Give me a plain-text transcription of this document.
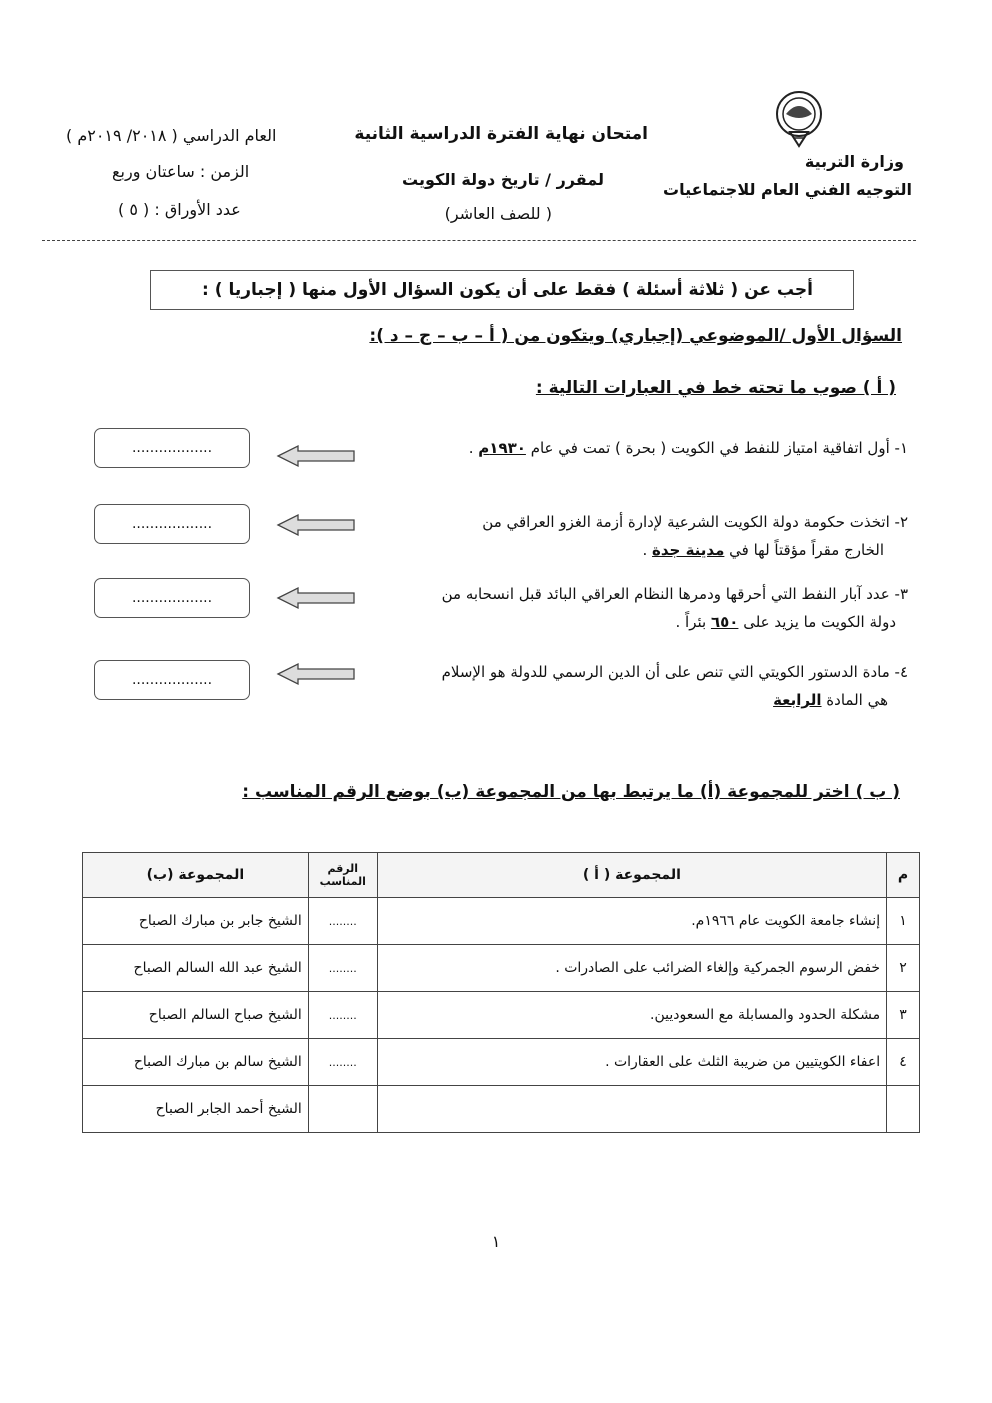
وزارة التربية
التوجيه الفني العام للاجتماعيات
امتحان نهاية الفترة الدراسية الثانية
لمقرر / تاريخ دولة الكويت
( للصف العاشر)
العام الدراسي ( ٢٠١٨/ ٢٠١٩م )
الزمن : ساعتان وربع
عدد الأوراق : ( ٥ )
أجب عن ( ثلاثة أسئلة ) فقط على أن يكون السؤال الأول منها ( إجباريا ) :
السؤال الأول /الموضوعي (إجباري) ويتكون من ( أ – ب – ج – د ):
( أ ) صوب ما تحته خط في العبارات التالية :
١- أول اتفاقية امتياز للنفط في الكويت ( بحرة ) تمت في عام ١٩٣٠م .
..................
٢- اتخذت حكومة دولة الكويت الشرعية لإدارة أزمة الغزو العراقي من
الخارج مقراً مؤقتاً لها في مدينة جدة .
..................
٣- عدد آبار النفط التي أحرقها ودمرها النظام العراقي البائد قبل انسحابه من
دولة الكويت ما يزيد على ٦٥٠ بئراً .
..................
٤- مادة الدستور الكويتي التي تنص على أن الدين الرسمي للدولة هو الإسلام
هي المادة الرابعة
..................
( ب ) اختر للمجموعة (أ) ما يرتبط بها من المجموعة (ب) بوضع الرقم المناسب :
م	المجموعة ( أ )	الرقم المناسب	المجموعة (ب)
١	إنشاء جامعة الكويت عام ١٩٦٦م.	........	الشيخ جابر بن مبارك الصباح
٢	خفض الرسوم الجمركية وإلغاء الضرائب على الصادرات .	........	الشيخ عبد الله السالم الصباح
٣	مشكلة الحدود والمسابلة مع السعوديين.	........	الشيخ صباح السالم الصباح
٤	اعفاء الكويتيين من ضريبة الثلث على العقارات .	........	الشيخ سالم بن مبارك الصباح
			الشيخ أحمد الجابر الصباح
١
